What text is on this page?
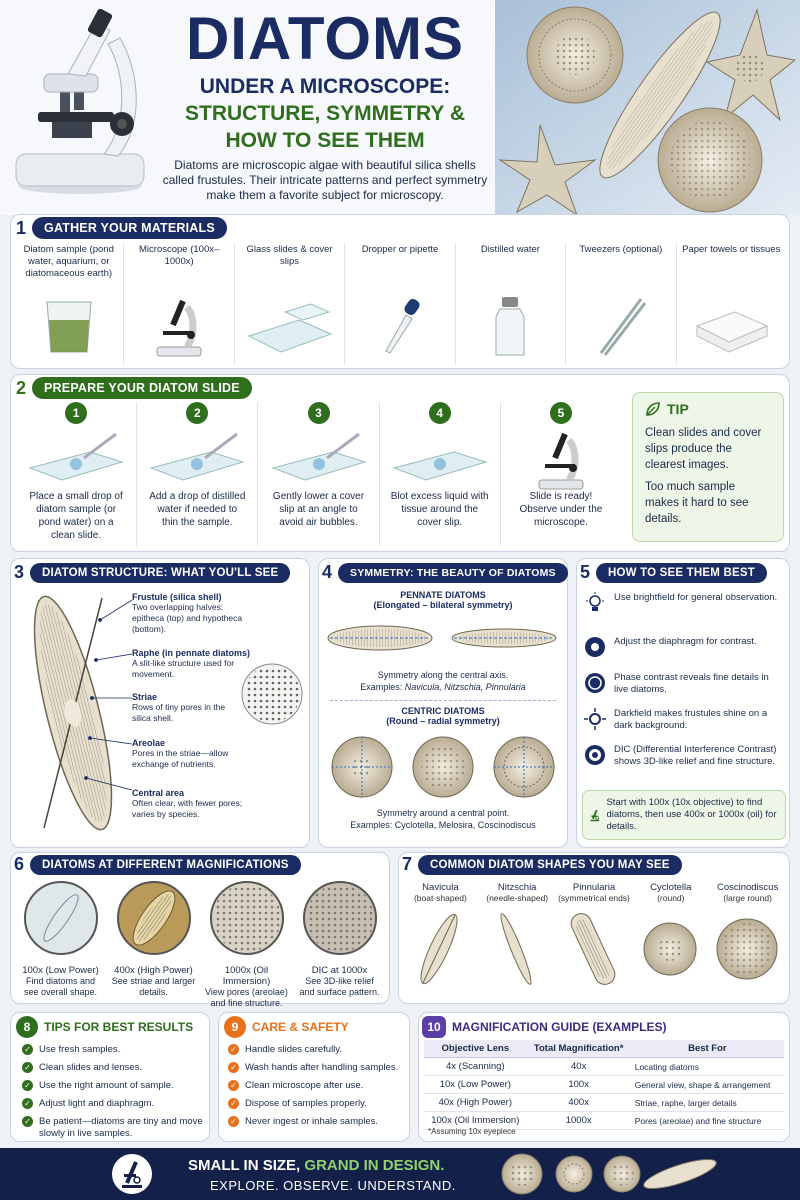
DIATOMS
UNDER A MICROSCOPE:
STRUCTURE, SYMMETRY &
HOW TO SEE THEM
Diatoms are microscopic algae with beautiful silica shells called frustules. Their intricate patterns and perfect symmetry make them a favorite subject for microscopy.
1	GATHER YOUR MATERIALS
Diatom sample (pond water, aquarium, or diatomaceous earth)
Microscope (100x–1000x)
Glass slides & cover slips
Dropper or pipette	Distilled water	Tweezers (optional) Paper towels or tissues
2	PREPARE YOUR DIATOM SLIDE
1
Place a small drop of diatom sample (or pond water) on a clean slide.
2
Add a drop of distilled water if needed to thin the sample.
3
Gently lower a cover slip at an angle to avoid air bubbles.
4
Blot excess liquid with tissue around the cover slip.
5
Slide is ready! Observe under the microscope.
TIP
Clean slides and cover slips produce the clearest images.
Too much sample makes it hard to see details.
3	DIATOM STRUCTURE: WHAT YOU'LL SEE
Frustule (silica shell)
Two overlapping halves: epitheca (top) and hypotheca (bottom).
Raphe (in pennate diatoms)
A slit-like structure used for movement.
Striae
Rows of tiny pores in the silica shell.
Areolae
Pores in the striae—allow exchange of nutrients.
Central area
Often clear, with fewer pores; varies by species.
4	SYMMETRY: THE BEAUTY OF DIATOMS
PENNATE DIATOMS
(Elongated – bilateral symmetry)
Symmetry along the central axis.
Examples: Navicula, Nitzschia, Pinnularia
CENTRIC DIATOMS
(Round – radial symmetry)
Symmetry around a central point.
Examples: Cyclotella, Melosira, Coscinodiscus
5	HOW TO SEE THEM BEST
Use brightfield for general observation.
Adjust the diaphragm for contrast.
Phase contrast reveals fine details in live diatoms.
Darkfield makes frustules shine on a dark background.
DIC (Differential Interference Contrast) shows 3D-like relief and fine structure.
Start with 100x (10x objective) to find diatoms, then use 400x or 1000x (oil) for details.
6	DIATOMS AT DIFFERENT MAGNIFICATIONS
100x (Low Power)
Find diatoms and see overall shape.
400x (High Power)
See striae and larger details.
1000x (Oil Immersion)
View pores (areolae) and fine structure.
DIC at 1000x
See 3D-like relief and surface pattern.
7	COMMON DIATOM SHAPES YOU MAY SEE
Navicula
(boat-shaped)
Nitzschia
(needle-shaped)
Pinnularia
(symmetrical ends)
Cyclotella
(round)
Coscinodiscus
(large round)
8	TIPS FOR BEST RESULTS
✓ Use fresh samples.
✓ Clean slides and lenses.
✓ Use the right amount of sample.
✓ Adjust light and diaphragm.
✓ Be patient—diatoms are tiny and move slowly in live samples.
9	CARE & SAFETY
✓ Handle slides carefully.
✓ Wash hands after handling samples.
✓ Clean microscope after use.
✓ Dispose of samples properly.
✓ Never ingest or inhale samples.
10 MAGNIFICATION GUIDE (EXAMPLES)
Objective Lens	Total Magnification*	Best For
4x (Scanning)	40x	Locating diatoms
10x (Low Power)	100x	General view, shape & arrangement
40x (High Power)	400x	Striae, raphe, larger details
100x (Oil Immersion)	1000x	Pores (areolae) and fine structure
*Assuming 10x eyepiece
SMALL IN SIZE, GRAND IN DESIGN.
EXPLORE. OBSERVE. UNDERSTAND.
